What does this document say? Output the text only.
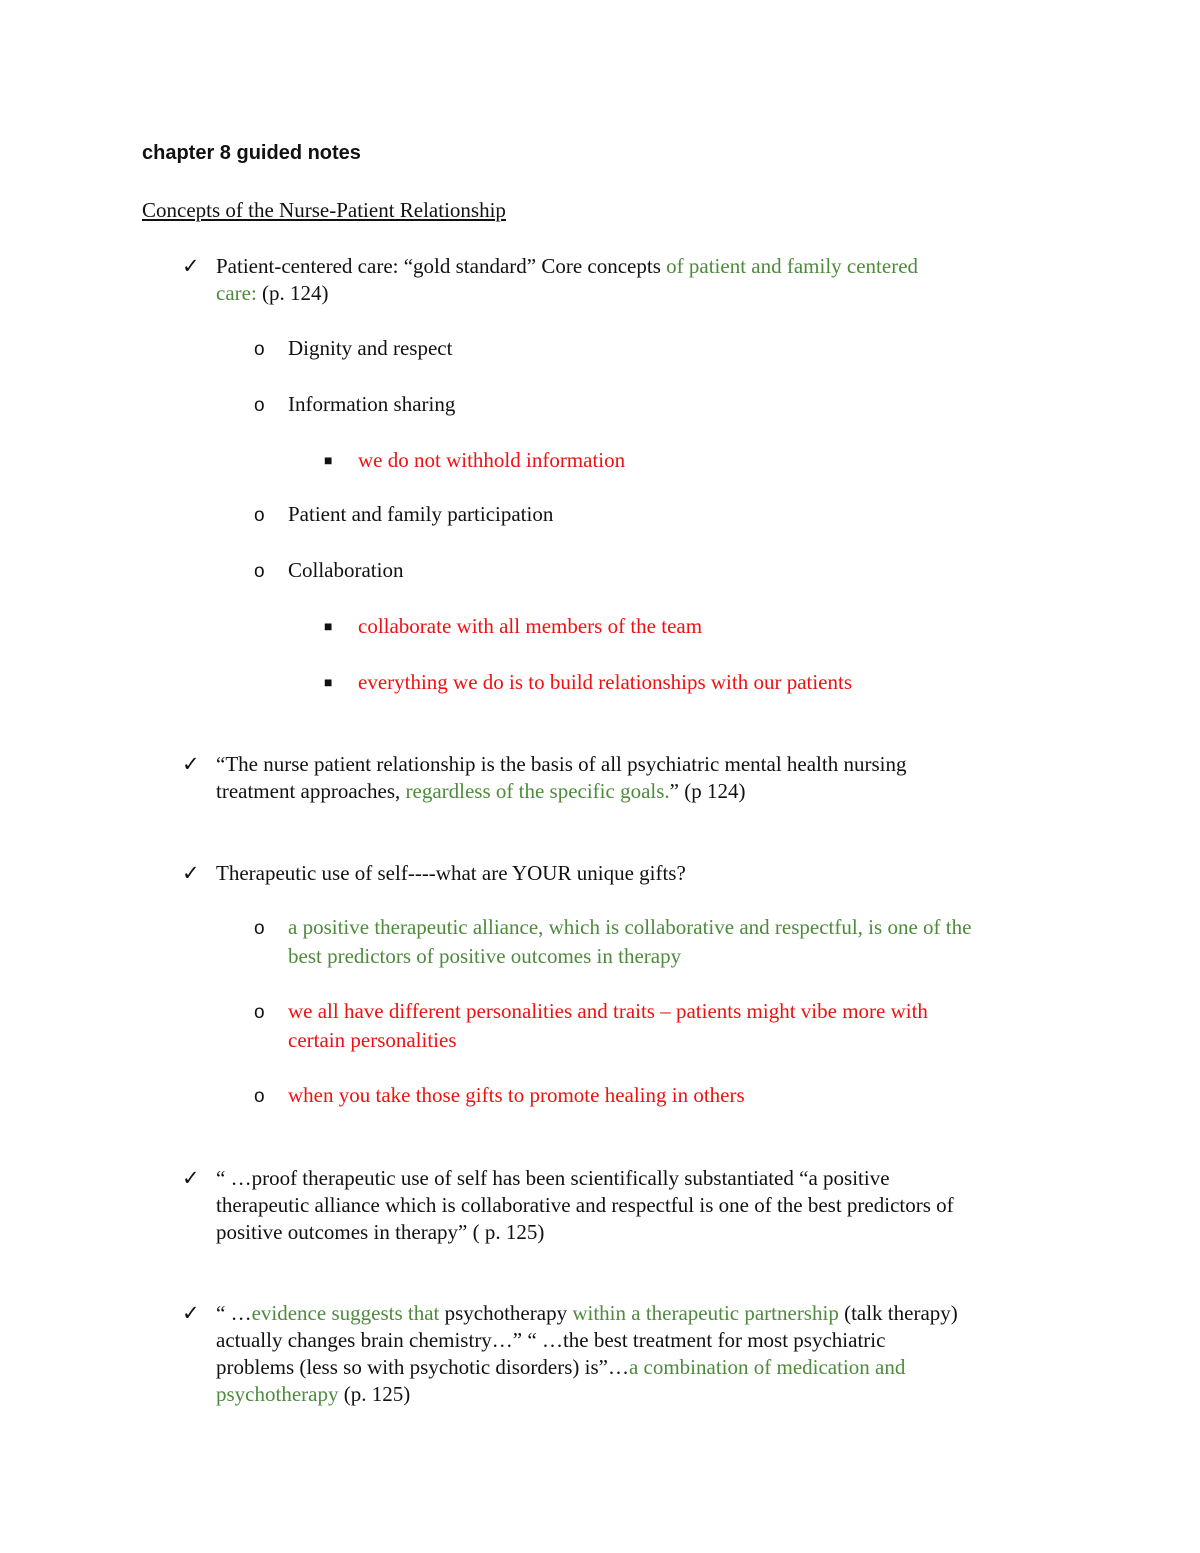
chapter 8 guided notes
Concepts of the Nurse-Patient Relationship
✓ Patient-centered care: “gold standard” Core concepts of patient and family centered
care: (p. 124)
o Dignity and respect
o Information sharing
■ we do not withhold information
o Patient and family participation
o Collaboration
■ collaborate with all members of the team
■ everything we do is to build relationships with our patients
✓ “The nurse patient relationship is the basis of all psychiatric mental health nursing
treatment approaches, regardless of the specific goals.” (p 124)
✓ Therapeutic use of self----what are YOUR unique gifts?
o a positive therapeutic alliance, which is collaborative and respectful, is one of the
best predictors of positive outcomes in therapy
o we all have different personalities and traits – patients might vibe more with
certain personalities
o when you take those gifts to promote healing in others
✓ “ …proof therapeutic use of self has been scientifically substantiated “a positive
therapeutic alliance which is collaborative and respectful is one of the best predictors of
positive outcomes in therapy” ( p. 125)
✓ “ …evidence suggests that psychotherapy within a therapeutic partnership (talk therapy)
actually changes brain chemistry…” “ …the best treatment for most psychiatric
problems (less so with psychotic disorders) is”…a combination of medication and
psychotherapy (p. 125)
